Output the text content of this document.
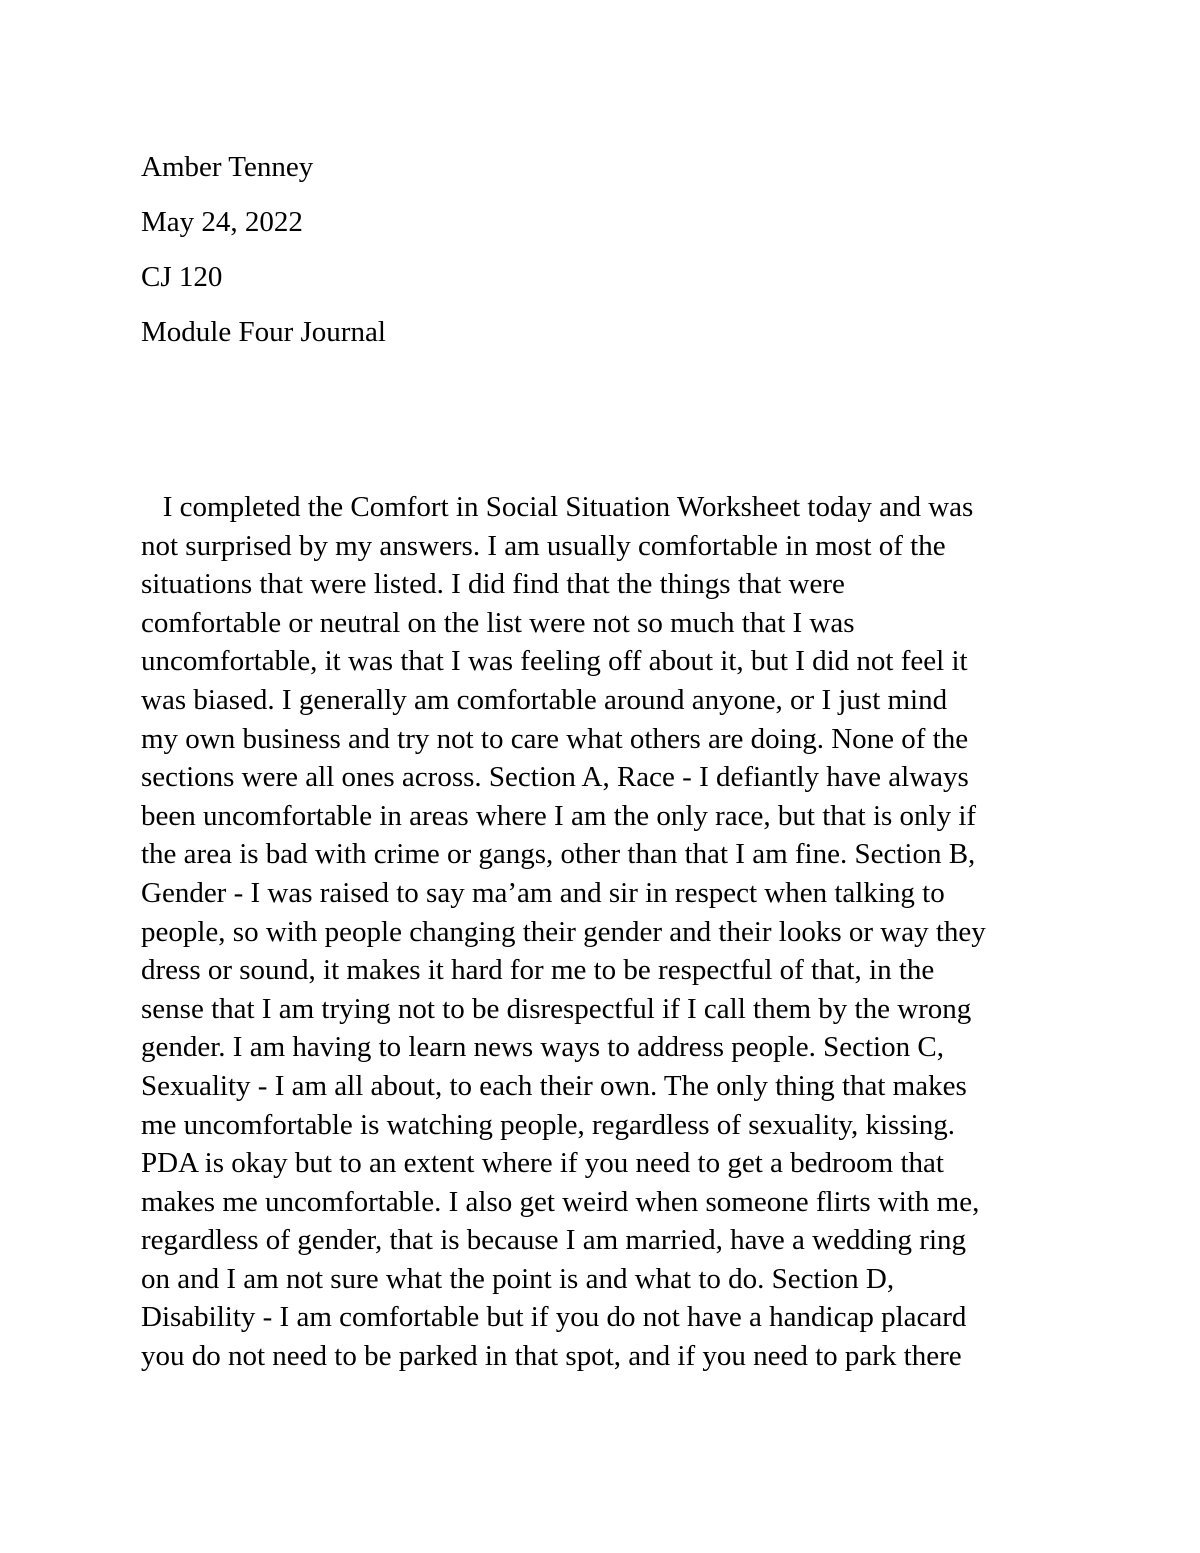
Amber Tenney

May 24, 2022

CJ 120

Module Four Journal

I completed the Comfort in Social Situation Worksheet today and was

not surprised by my answers. I am usually comfortable in most of the

situations that were listed. I did find that the things that were

comfortable or neutral on the list were not so much that I was

uncomfortable, it was that I was feeling off about it, but I did not feel it

was biased. I generally am comfortable around anyone, or I just mind

my own business and try not to care what others are doing. None of the

sections were all ones across. Section A, Race - I defiantly have always

been uncomfortable in areas where I am the only race, but that is only if

the area is bad with crime or gangs, other than that I am fine. Section B,

Gender - I was raised to say ma’am and sir in respect when talking to

people, so with people changing their gender and their looks or way they

dress or sound, it makes it hard for me to be respectful of that, in the

sense that I am trying not to be disrespectful if I call them by the wrong

gender. I am having to learn news ways to address people. Section C,

Sexuality - I am all about, to each their own. The only thing that makes

me uncomfortable is watching people, regardless of sexuality, kissing.

PDA is okay but to an extent where if you need to get a bedroom that

makes me uncomfortable. I also get weird when someone flirts with me,

regardless of gender, that is because I am married, have a wedding ring

on and I am not sure what the point is and what to do. Section D,

Disability - I am comfortable but if you do not have a handicap placard

you do not need to be parked in that spot, and if you need to park there
